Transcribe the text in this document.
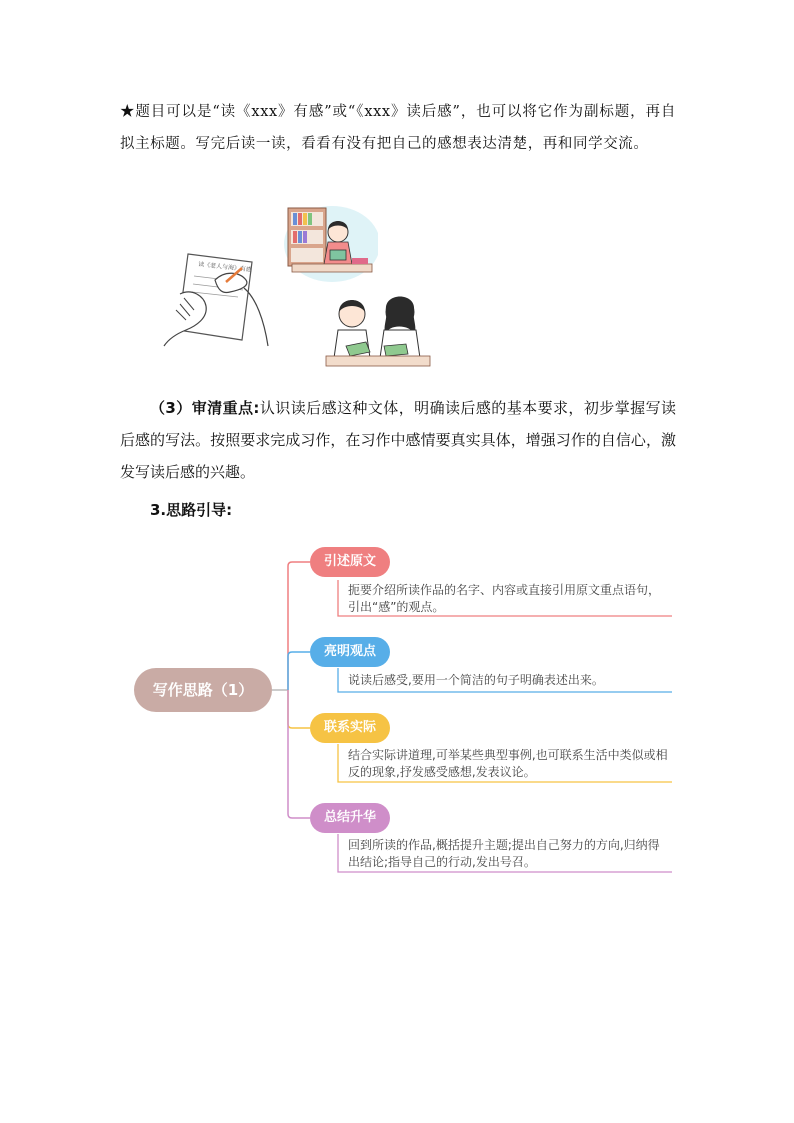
★题目可以是“读《xxx》有感”或“《xxx》读后感”，也可以将它作为副标题，再自拟主标题。写完后读一读，看看有没有把自己的感想表达清楚，再和同学交流。

读《老人与海》有感

（3）审清重点:认识读后感这种文体，明确读后感的基本要求，初步掌握写读后感的写法。按照要求完成习作，在习作中感情要真实具体，增强习作的自信心，激发写读后感的兴趣。

3.思路引导:

写作思路（1）
引述原文
扼要介绍所读作品的名字、内容或直接引用原文重点语句，引出“感”的观点。
亮明观点
说读后感受,要用一个简洁的句子明确表述出来。
联系实际
结合实际讲道理,可举某些典型事例,也可联系生活中类似或相反的现象,抒发感受感想,发表议论。
总结升华
回到所读的作品,概括提升主题;提出自己努力的方向,归纳得出结论;指导自己的行动,发出号召。
